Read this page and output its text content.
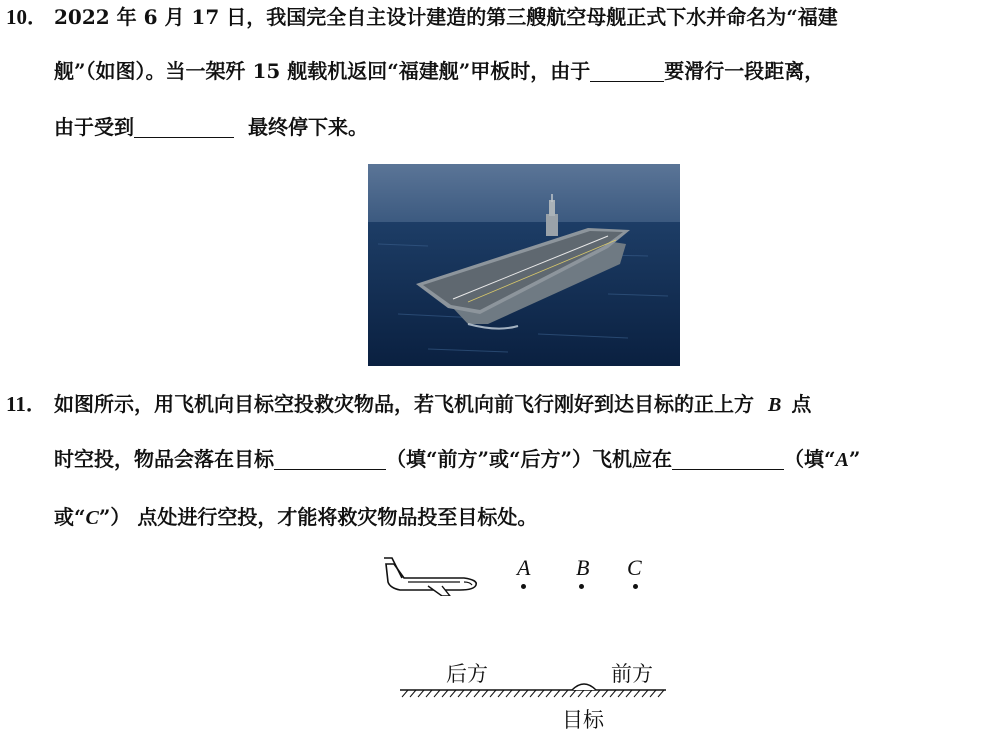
10． 2022 年 6 月 17 日，我国完全自主设计建造的第三艘航空母舰正式下水并命名为“福建
舰”（如图）。当一架歼 15 舰载机返回“福建舰”甲板时，由于	要滑行一段距离，
由于受到	最终停下来。
11． 如图所示，用飞机向目标空投救灾物品，若飞机向前飞行刚好到达目标的正上方 B 点
时空投，物品会落在目标	（填“前方”或“后方”）飞机应在	（填“A”
或“C”） 点处进行空投，才能将救灾物品投至目标处。
A B C
后方	前方
目标
